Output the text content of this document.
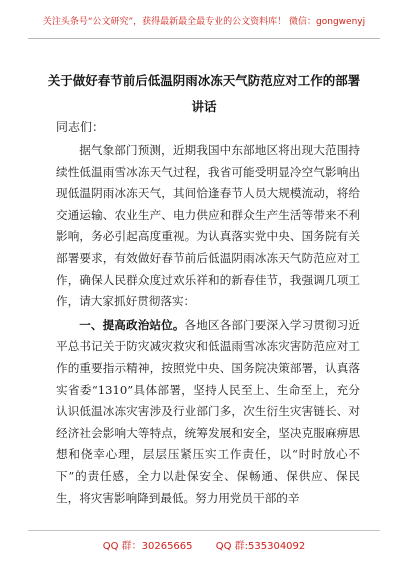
关注头条号“公文研究”，获得最新最全最专业的公文资料库！ 微信：gongwenyj
关于做好春节前后低温阴雨冰冻天气防范应对工作的部署
讲话
同志们：

据气象部门预测，近期我国中东部地区将出现大范围持续性低温雨雪冰冻天气过程，我省可能受明显冷空气影响出现低温阴雨冰冻天气，其间恰逢春节人员大规模流动，将给交通运输、农业生产、电力供应和群众生产生活等带来不利影响，务必引起高度重视。为认真落实党中央、国务院有关部署要求，有效做好春节前后低温阴雨冰冻天气防范应对工作，确保人民群众度过欢乐祥和的新春佳节，我强调几项工作，请大家抓好贯彻落实：

一、提高政治站位。各地区各部门要深入学习贯彻习近平总书记关于防灾减灾救灾和低温雨雪冰冻灾害防范应对工作的重要指示精神，按照党中央、国务院决策部署，认真落实省委“1310”具体部署，坚持人民至上、生命至上，充分认识低温冰冻灾害涉及行业部门多，次生衍生灾害链长、对经济社会影响大等特点，统筹发展和安全，坚决克服麻痹思想和侥幸心理，层层压紧压实工作责任，以“时时放心不下”的责任感，全力以赴保安全、保畅通、保供应、保民生，将灾害影响降到最低。努力用党员干部的辛

QQ 群：30265665 QQ 群:535304092
